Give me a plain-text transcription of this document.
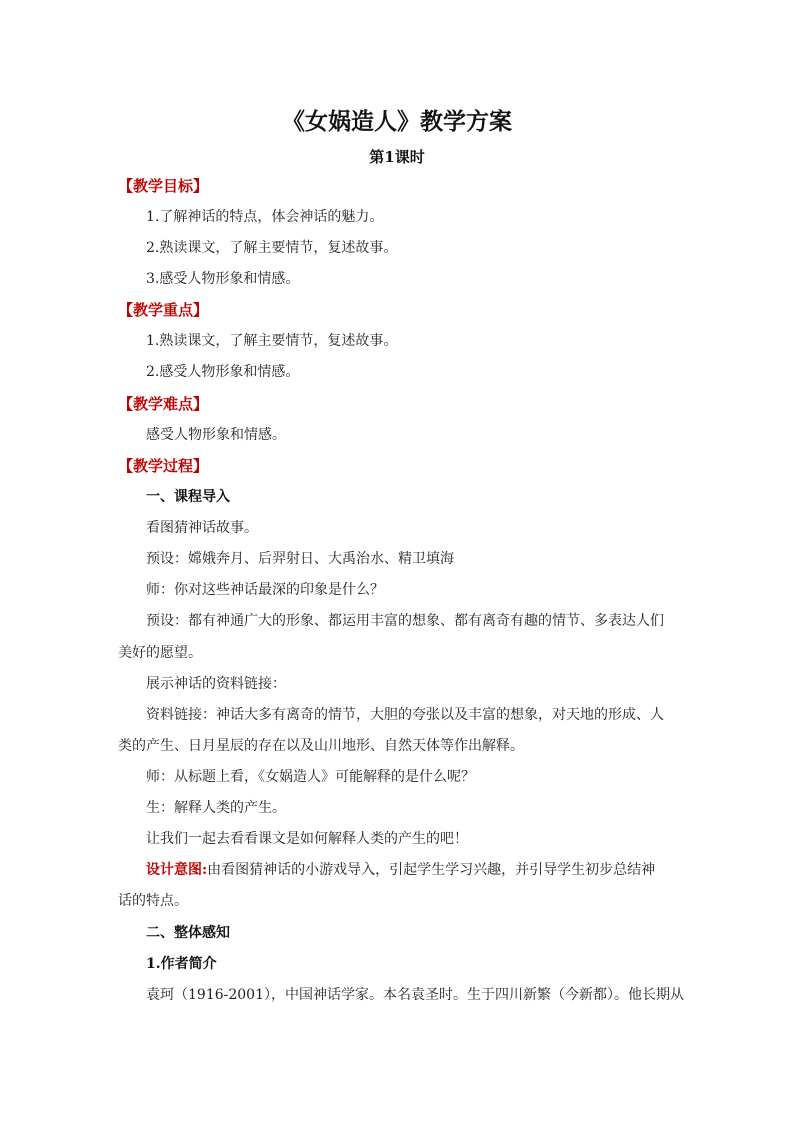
《女娲造人》教学方案
第1课时
【教学目标】
1.了解神话的特点，体会神话的魅力。
2.熟读课文，了解主要情节，复述故事。
3.感受人物形象和情感。
【教学重点】
1.熟读课文，了解主要情节，复述故事。
2.感受人物形象和情感。
【教学难点】
感受人物形象和情感。
【教学过程】
一、课程导入
看图猜神话故事。
预设：嫦娥奔月、后羿射日、大禹治水、精卫填海
师：你对这些神话最深的印象是什么？
预设：都有神通广大的形象、都运用丰富的想象、都有离奇有趣的情节、多表达人们
美好的愿望。
展示神话的资料链接：
资料链接：神话大多有离奇的情节，大胆的夸张以及丰富的想象，对天地的形成、人
类的产生、日月星辰的存在以及山川地形、自然天体等作出解释。
师：从标题上看，《女娲造人》可能解释的是什么呢？
生：解释人类的产生。
让我们一起去看看课文是如何解释人类的产生的吧！
设计意图:由看图猜神话的小游戏导入，引起学生学习兴趣，并引导学生初步总结神
话的特点。
二、整体感知
1.作者简介
袁珂（1916-2001），中国神话学家。本名袁圣时。生于四川新繁（今新都）。他长期从
